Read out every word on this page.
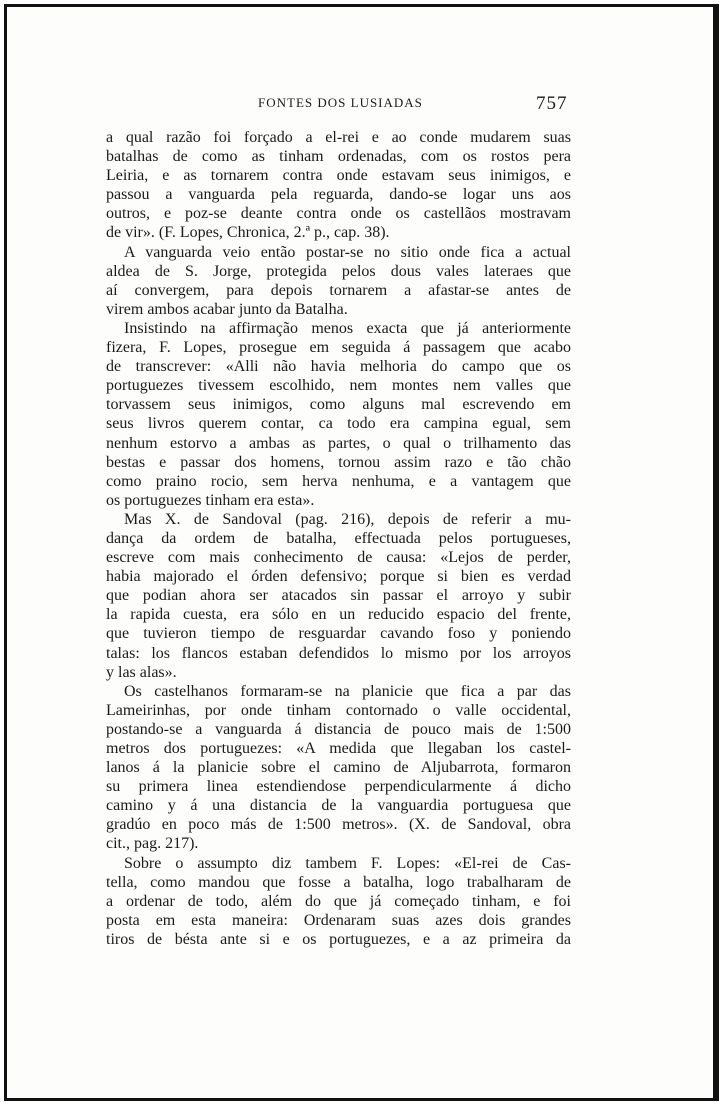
FONTES DOS LUSIADAS	757
a qual razão foi forçado a el-rei e ao conde mudarem suas
batalhas de como as tinham ordenadas, com os rostos pera
Leiria, e as tornarem contra onde estavam seus inimigos, e
passou a vanguarda pela reguarda, dando-se logar uns aos
outros, e poz-se deante contra onde os castellãos mostravam
de vir». (F. Lopes, Chronica, 2.ª p., cap. 38).
A vanguarda veio então postar-se no sitio onde fica a actual
aldea de S. Jorge, protegida pelos dous vales lateraes que
aí convergem, para depois tornarem a afastar-se antes de
virem ambos acabar junto da Batalha.
Insistindo na affirmação menos exacta que já anteriormente
fizera, F. Lopes, prosegue em seguida á passagem que acabo
de transcrever: «Alli não havia melhoria do campo que os
portuguezes tivessem escolhido, nem montes nem valles que
torvassem seus inimigos, como alguns mal escrevendo em
seus livros querem contar, ca todo era campina egual, sem
nenhum estorvo a ambas as partes, o qual o trilhamento das
bestas e passar dos homens, tornou assim razo e tão chão
como praino rocio, sem herva nenhuma, e a vantagem que
os portuguezes tinham era esta».
Mas X. de Sandoval (pag. 216), depois de referir a mu-
dança da ordem de batalha, effectuada pelos portugueses,
escreve com mais conhecimento de causa: «Lejos de perder,
habia majorado el órden defensivo; porque si bien es verdad
que podian ahora ser atacados sin passar el arroyo y subir
la rapida cuesta, era sólo en un reducido espacio del frente,
que tuvieron tiempo de resguardar cavando foso y poniendo
talas: los flancos estaban defendidos lo mismo por los arroyos
y las alas».
Os castelhanos formaram-se na planicie que fica a par das
Lameirinhas, por onde tinham contornado o valle occidental,
postando-se a vanguarda á distancia de pouco mais de 1:500
metros dos portuguezes: «A medida que llegaban los castel-
lanos á la planicie sobre el camino de Aljubarrota, formaron
su primera linea estendiendose perpendicularmente á dicho
camino y á una distancia de la vanguardia portuguesa que
gradúo en poco más de 1:500 metros». (X. de Sandoval, obra
cit., pag. 217).
Sobre o assumpto diz tambem F. Lopes: «El-rei de Cas-
tella, como mandou que fosse a batalha, logo trabalharam de
a ordenar de todo, além do que já começado tinham, e foi
posta em esta maneira: Ordenaram suas azes dois grandes
tiros de bésta ante si e os portuguezes, e a az primeira da
